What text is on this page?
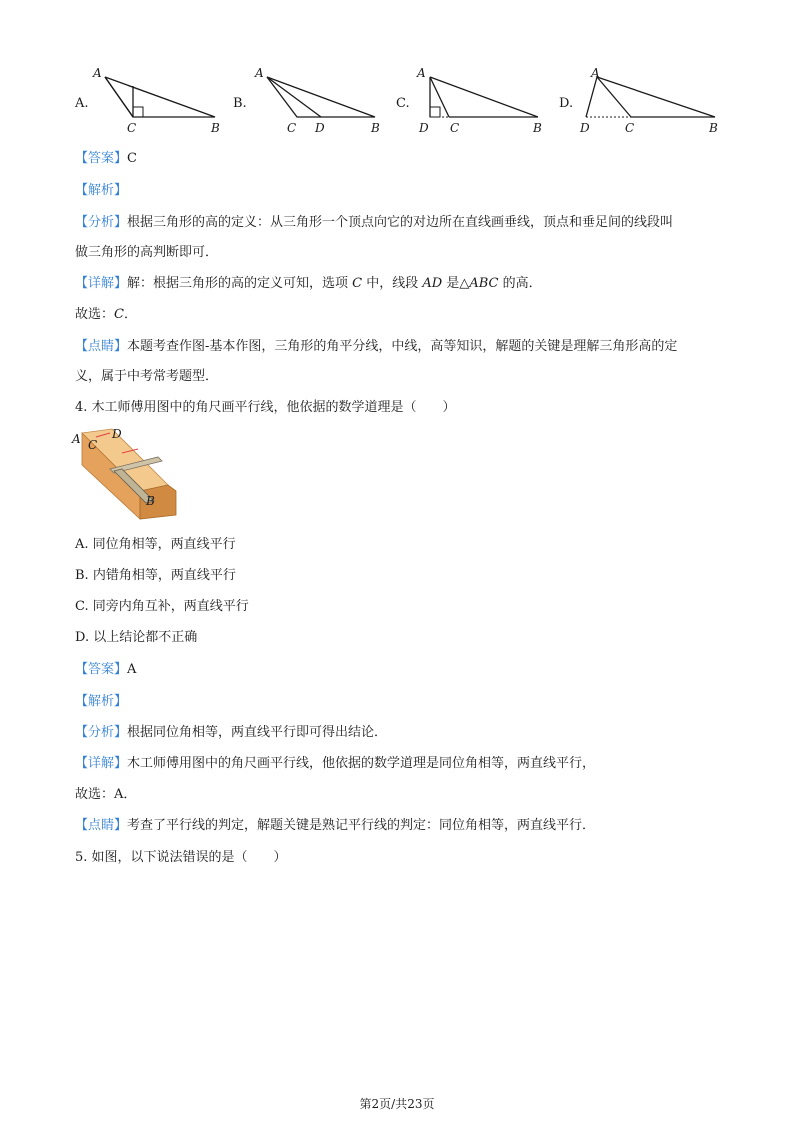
A.
A
C	B
B.
A
C D	B
C.
A
D C	B
D.
A
D	C	B
【答案】C
【解析】
【分析】根据三角形的高的定义：从三角形一个顶点向它的对边所在直线画垂线，顶点和垂足间的线段叫
做三角形的高判断即可．
【详解】解：根据三角形的高的定义可知，选项 C 中，线段 AD 是△ABC 的高．
故选：C．
【点睛】本题考查作图-基本作图，三角形的角平分线，中线，高等知识，解题的关键是理解三角形高的定
义，属于中考常考题型．
4. 木工师傅用图中的角尺画平行线，他依据的数学道理是（　　）
A C
D
B
A. 同位角相等，两直线平行
B. 内错角相等，两直线平行
C. 同旁内角互补，两直线平行
D. 以上结论都不正确
【答案】A
【解析】
【分析】根据同位角相等，两直线平行即可得出结论．
【详解】木工师傅用图中的角尺画平行线，他依据的数学道理是同位角相等，两直线平行，
故选：A．
【点睛】考查了平行线的判定，解题关键是熟记平行线的判定：同位角相等，两直线平行．
5. 如图，以下说法错误的是（　　）
第2页/共23页
